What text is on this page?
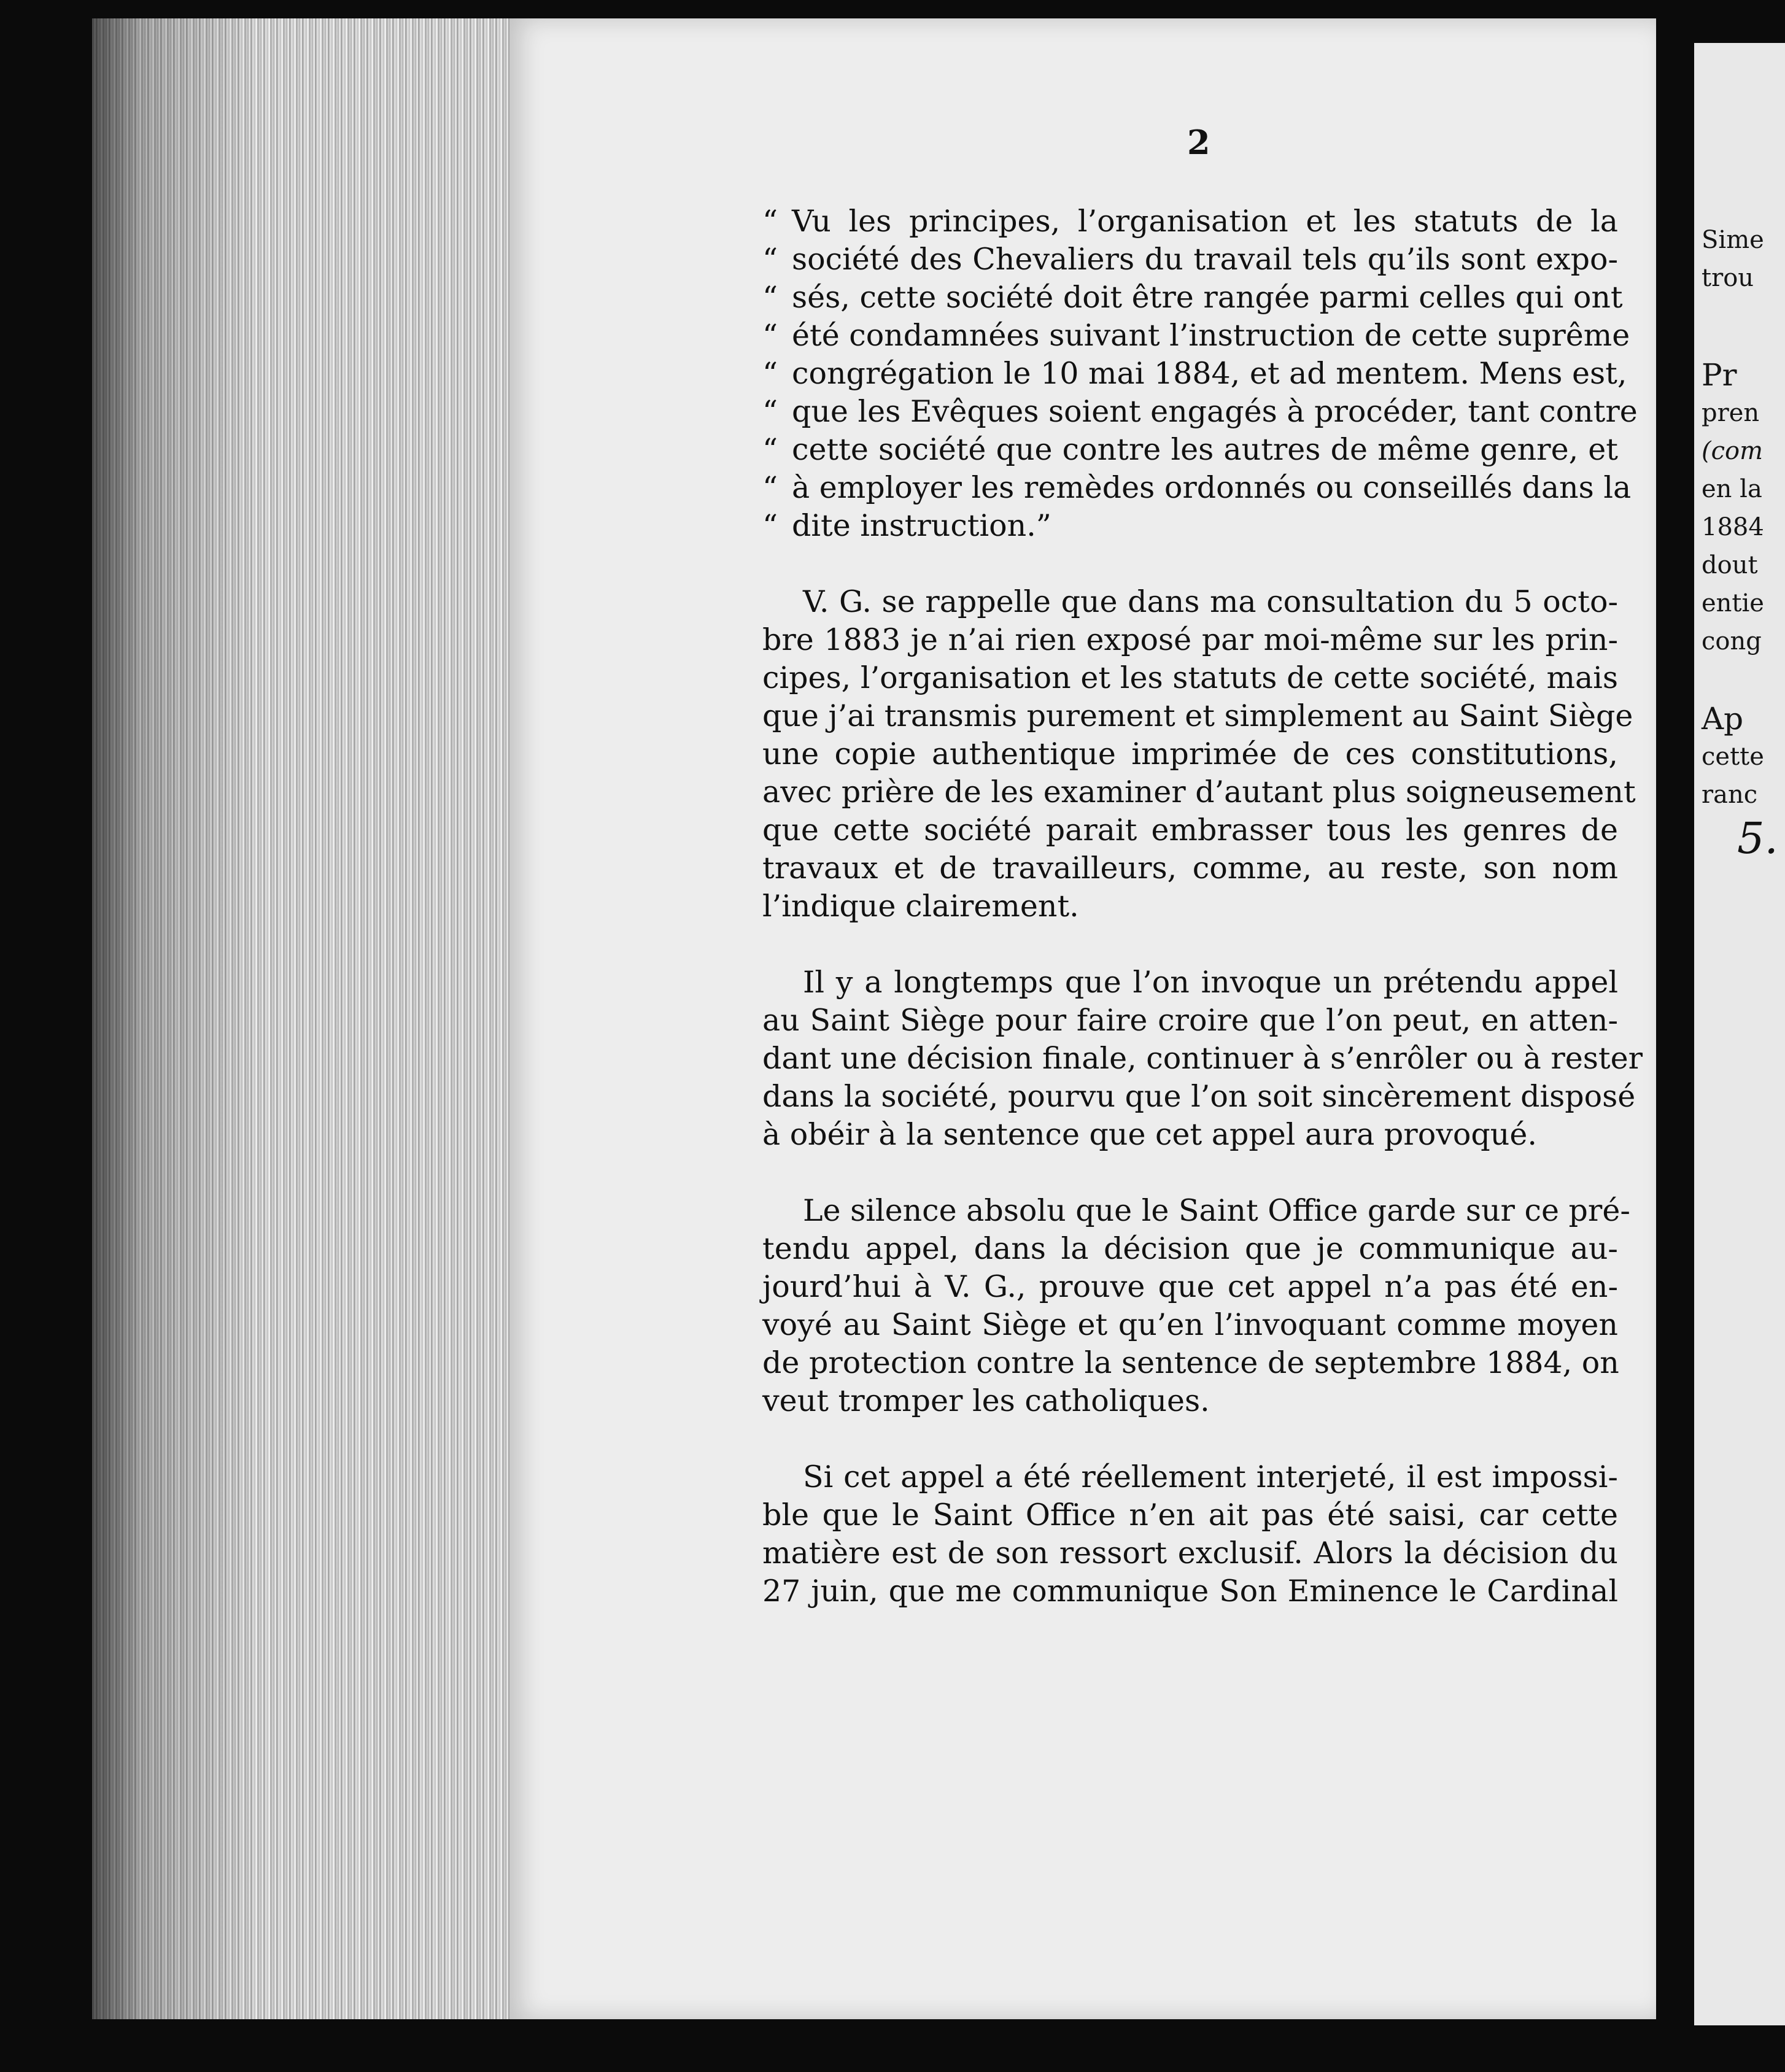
2
“ Vu les principes, l’organisation et les statuts de la
“ société des Chevaliers du travail tels qu’ils sont expo-
“ sés, cette société doit être rangée parmi celles qui ont
“ été condamnées suivant l’instruction de cette suprême
“ congrégation le 10 mai 1884, et ad mentem. Mens est,
“ que les Evêques soient engagés à procéder, tant contre
“ cette société que contre les autres de même genre, et
“ à employer les remèdes ordonnés ou conseillés dans la
“ dite instruction.”
V. G. se rappelle que dans ma consultation du 5 octo-
bre 1883 je n’ai rien exposé par moi-même sur les prin-
cipes, l’organisation et les statuts de cette société, mais
que j’ai transmis purement et simplement au Saint Siège
une copie authentique imprimée de ces constitutions,
avec prière de les examiner d’autant plus soigneusement
que cette société parait embrasser tous les genres de
travaux et de travailleurs, comme, au reste, son nom
l’indique clairement.
Il y a longtemps que l’on invoque un prétendu appel
au Saint Siège pour faire croire que l’on peut, en atten-
dant une décision finale, continuer à s’enrôler ou à rester
dans la société, pourvu que l’on soit sincèrement disposé
à obéir à la sentence que cet appel aura provoqué.
Le silence absolu que le Saint Office garde sur ce pré-
tendu appel, dans la décision que je communique au-
jourd’hui à V. G., prouve que cet appel n’a pas été en-
voyé au Saint Siège et qu’en l’invoquant comme moyen
de protection contre la sentence de septembre 1884, on
veut tromper les catholiques.
Si cet appel a été réellement interjeté, il est impossi-
ble que le Saint Office n’en ait pas été saisi, car cette
matière est de son ressort exclusif. Alors la décision du
27 juin, que me communique Son Eminence le Cardinal
Sime
trou
Pr
pren
(com
en la
1884
dout
entie
cong
Ap
cette
ranc
5.
